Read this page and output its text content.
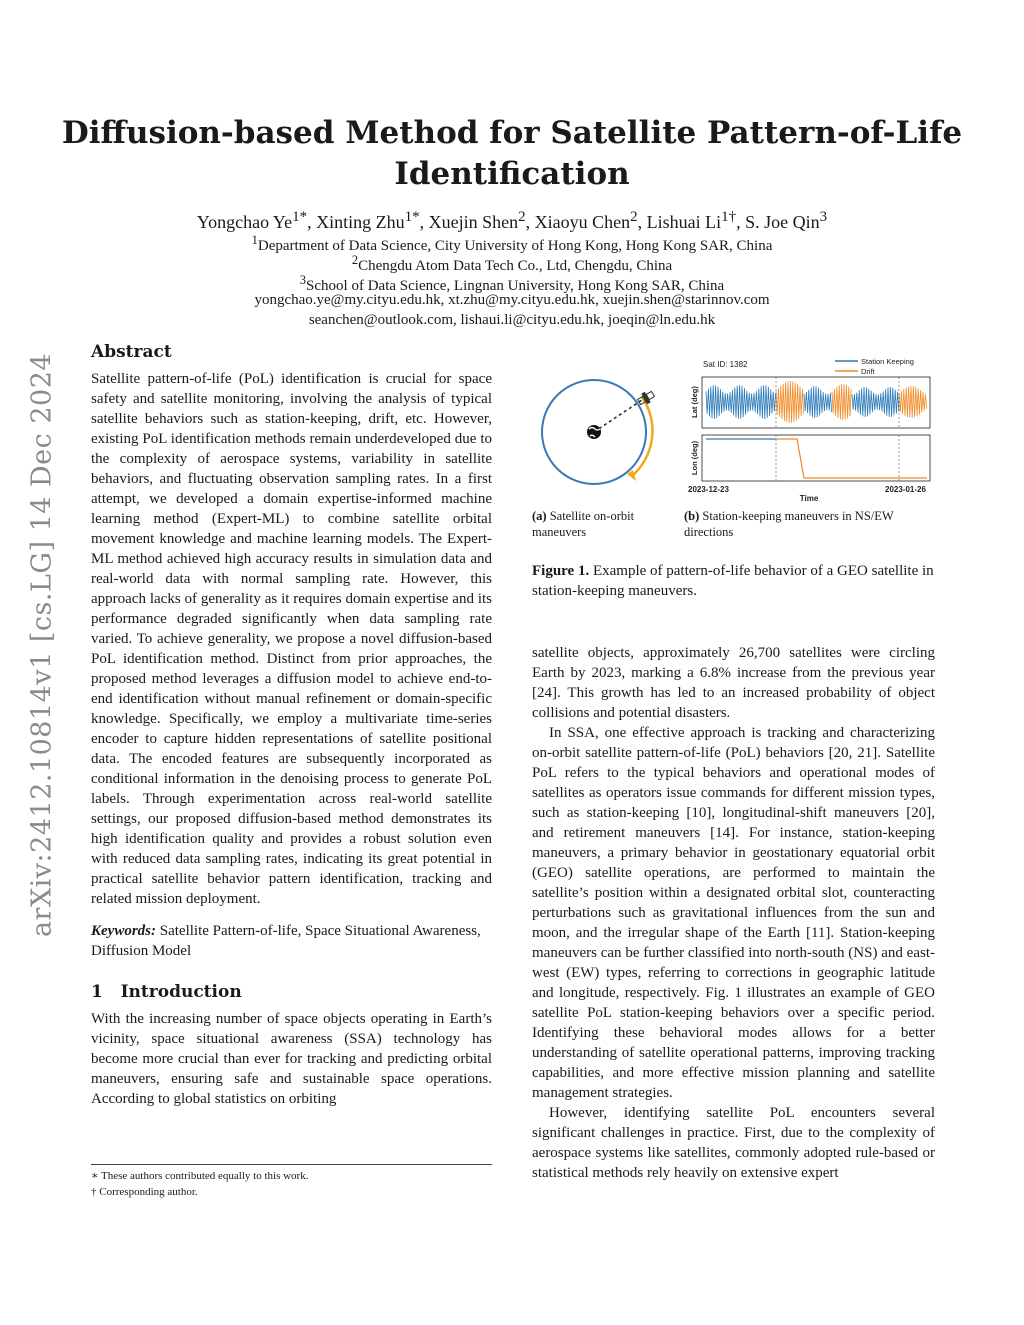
Diffusion-based Method for Satellite Pattern-of-Life
Identification
Yongchao $Ye^{1*}$, Xinting Zhu$^{1*}$, Xuejin Shen$^2$, Xiaoyu Chen$^2$, Lishuai $Li^{1\dagger}$, S. Joe Qin$^3$
$^1$Department of Data Science, City University of Hong Kong, Hong Kong SAR, China
$^2$Chengdu Atom Data Tech Co., Ltd, Chengdu, China
$^3$School of Data Science, Lingnan University, Hong Kong SAR, China
yongchao.ye@my.cityu.edu.hk, xt.zhu@my.cityu.edu.hk, xuejin.shen@starinnov.com
seanchen@outlook.com, lishaui.li@cityu.edu.hk, joeqin@ln.edu.hk
arXiv:2412.10814v1 [cs.LG] 14 Dec 2024
Abstract

Satellite pattern-of-life (PoL) identification is crucial for space safety and satellite monitoring, involving the analysis of typical satellite behaviors such as station-keeping, drift, etc. However, existing PoL identification methods remain underdeveloped due to the complexity of aerospace systems, variability in satellite behaviors, and fluctuating observation sampling rates. In a first attempt, we developed a domain expertise-informed machine learning method (Expert-ML) to combine satellite orbital movement knowledge and machine learning models. The Expert-ML method achieved high accuracy results in simulation data and real-world data with normal sampling rate. However, this approach lacks of generality as it requires domain expertise and its performance degraded significantly when data sampling rate varied. To achieve generality, we propose a novel diffusion-based PoL identification method. Distinct from prior approaches, the proposed method leverages a diffusion model to achieve end-to-end identification without manual refinement or domain-specific knowledge. Specifically, we employ a multivariate time-series encoder to capture hidden representations of satellite positional data. The encoded features are subsequently incorporated as conditional information in the denoising process to generate PoL labels. Through experimentation across real-world satellite settings, our proposed diffusion-based method demonstrates its high identification quality and provides a robust solution even with reduced data sampling rates, indicating its great potential in practical satellite behavior pattern identification, tracking and related mission deployment.

Keywords: Satellite Pattern-of-life, Space Situational Awareness, Diffusion Model

1 Introduction

With the increasing number of space objects operating in Earth’s vicinity, space situational awareness (SSA) technology has become more crucial than ever for tracking and predicting orbital maneuvers, ensuring safe and sustainable space operations. According to global statistics on orbiting

∗ These authors contributed equally to this work.
† Corresponding author.
Sat ID: 1382	Station Keeping
Drift
Lat (deg)
Lon (deg)
2023-12-23	2023-01-26
Time
(a) Satellite on-orbit maneuvers
(b) Station-keeping maneuvers in NS/EW directions
Figure 1. Example of pattern-of-life behavior of a GEO satellite in station-keeping maneuvers.

satellite objects, approximately 26,700 satellites were circling Earth by 2023, marking a 6.8% increase from the previous year [24]. This growth has led to an increased probability of object collisions and potential disasters.

In SSA, one effective approach is tracking and characterizing on-orbit satellite pattern-of-life (PoL) behaviors [20, 21]. Satellite PoL refers to the typical behaviors and operational modes of satellites as operators issue commands for different mission types, such as station-keeping [10], longitudinal-shift maneuvers [20], and retirement maneuvers [14]. For instance, station-keeping maneuvers, a primary behavior in geostationary equatorial orbit (GEO) satellite operations, are performed to maintain the satellite’s position within a designated orbital slot, counteracting perturbations such as gravitational influences from the sun and moon, and the irregular shape of the Earth [11]. Station-keeping maneuvers can be further classified into north-south (NS) and east-west (EW) types, referring to corrections in geographic latitude and longitude, respectively. Fig. 1 illustrates an example of GEO satellite PoL station-keeping behaviors over a specific period. Identifying these behavioral modes allows for a better understanding of satellite operational patterns, improving tracking capabilities, and more effective mission planning and satellite management strategies.

However, identifying satellite PoL encounters several significant challenges in practice. First, due to the complexity of aerospace systems like satellites, commonly adopted rule-based or statistical methods rely heavily on extensive expert
